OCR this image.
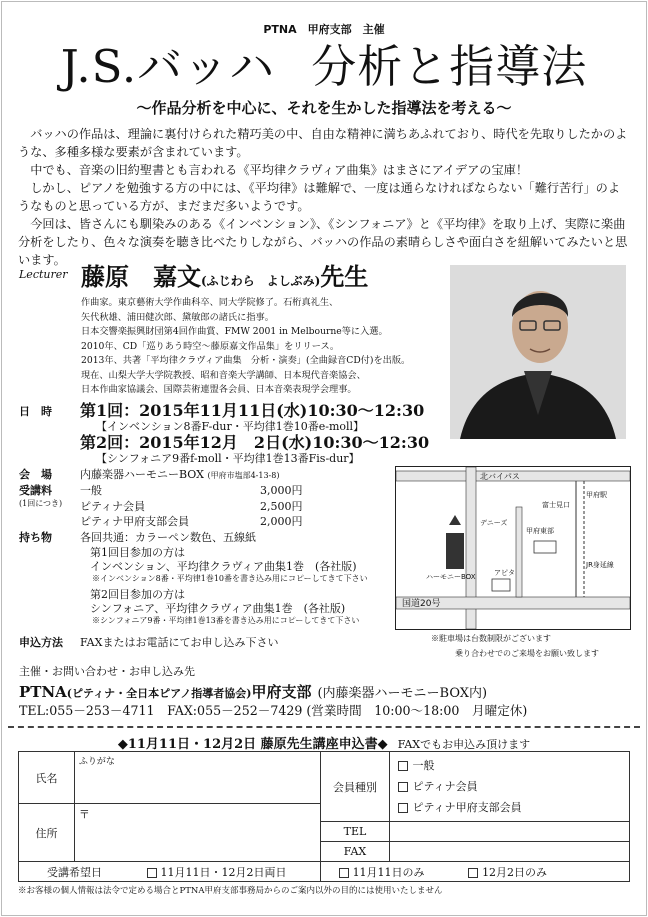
PTNA　甲府支部　主催
J.S.バッハ 分析と指導法
～作品分析を中心に、それを生かした指導法を考える～

バッハの作品は、理論に裏付けられた精巧美の中、自由な精神に満ちあふれており、時代を先取りしたかのような、多種多様な要素が含まれています。

中でも、音楽の旧約聖書とも言われる《平均律クラヴィア曲集》はまさにアイデアの宝庫！

しかし、ピアノを勉強する方の中には、《平均律》は難解で、一度は通らなければならない「難行苦行」のようなものと思っている方が、まだまだ多いようです。

今回は、皆さんにも馴染みのある《インベンション》、《シンフォニア》と《平均律》を取り上げ、実際に楽曲分析をしたり、色々な演奏を聴き比べたりしながら、バッハの作品の素晴らしさや面白さを紐解いてみたいと思います。

Lecturer 藤原　嘉文(ふじわら　よしぶみ)先生
作曲家。東京藝術大学作曲科卒、同大学院修了。石桁真礼生、
矢代秋雄、浦田健次郎、黛敏郎の諸氏に指事。
日本交響楽振興財団第4回作曲賞、FMW 2001 in Melbourne等に入選。
2010年、CD「巡りあう時空～藤原嘉文作品集」をリリース。
2013年、共著「平均律クラヴィア曲集　分析・演奏」(全曲録音CD付)を出版。
現在、山梨大学大学院教授、昭和音楽大学講師、日本現代音楽協会、
日本作曲家協議会、国際芸術連盟各会員、日本音楽表現学会理事。
日　時 第1回：2015年11月11日(水)10:30～12:30
【インベンション8番F-dur・平均律1巻10番e-moll】
第2回：2015年12月　2日(水)10:30～12:30
【シンフォニア9番f-moll・平均律1巻13番Fis-dur】
会　場	内藤楽器ハーモニーBOX (甲府市塩部4-13-8)
受講料
(1回につき)
一般	3,000円
ピティナ会員	2,500円
ピティナ甲府支部会員	2,000円
持ち物	各回共通：カラーペン数色、五線紙
第1回目参加の方は
インベンション、平均律クラヴィア曲集1巻　(各社版)
※インベンション8番・平均律1巻10番を書き込み用にコピーしてきて下さい
第2回目参加の方は
シンフォニア、平均律クラヴィア曲集1巻　(各社版)
※シンフォニア9番・平均律1巻13番を書き込み用にコピーしてきて下さい
申込方法 FAXまたはお電話にてお申し込み下さい
北バイパス
デニーズ
ハーモニーBOX
国道20号
甲府東部
アピタ
甲府駅
富士見口
JR身延線
※駐車場は台数制限がございます
乗り合わせでのご来場をお願い致します
主催・お問い合わせ・お申し込み先
PTNA(ピティナ・全日本ピアノ指導者協会)甲府支部 (内藤楽器ハーモニーBOX内)
TEL:055－253－4711　FAX:055－252－7429 (営業時間　10:00～18:00　月曜定休)
◆11月11日・12月2日 藤原先生講座申込書◆ FAXでもお申込み頂けます
氏名	ふりがな	会員種別	一般
ピティナ会員
ピティナ甲府支部会員

住所	〒		
		TEL	
		FAX	
受講希望日 11月11日・12月2日両日		11月11日のみ 12月2日のみ	
※お客様の個人情報は法令で定める場合とPTNA甲府支部事務局からのご案内以外の目的には使用いたしません
